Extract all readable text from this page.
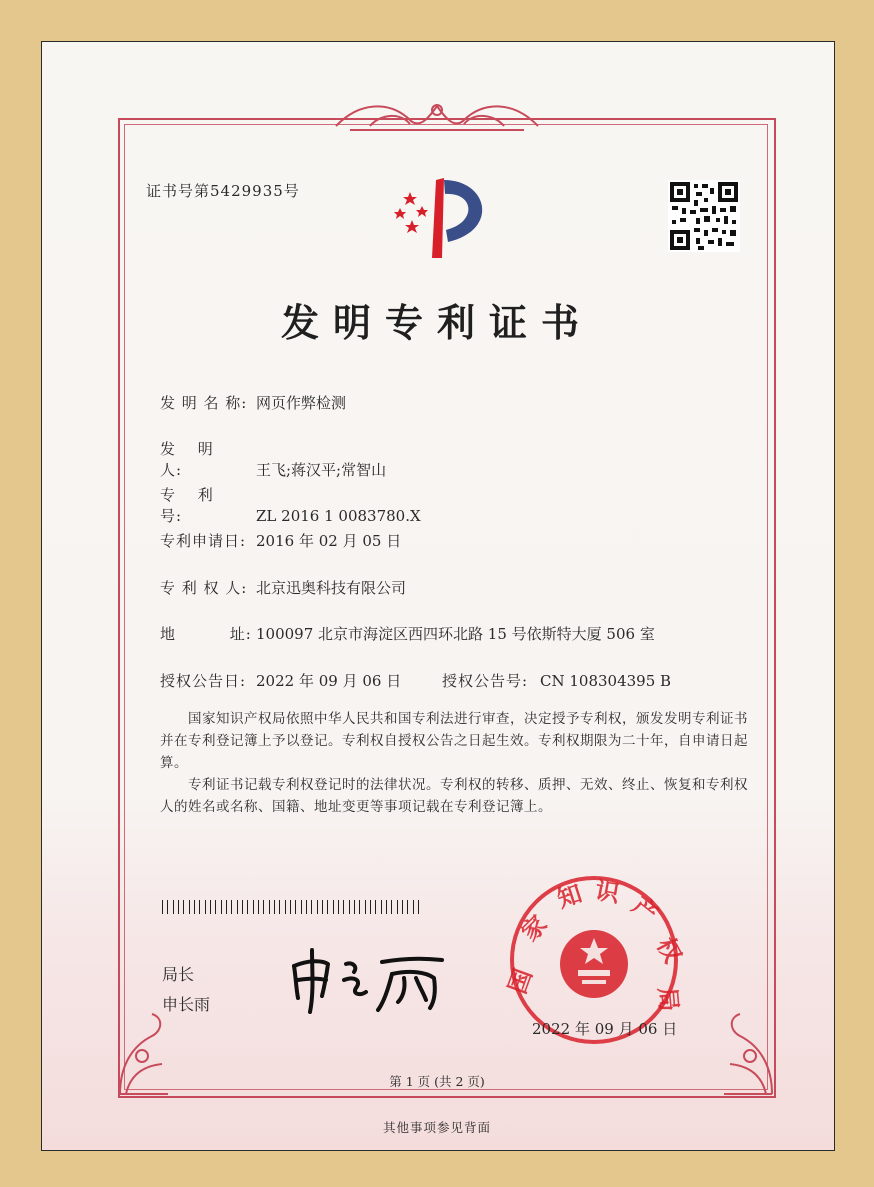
证书号第5429935号
发明专利证书
发 明 名 称: 网页作弊检测
发　 明　 人:	王飞;蒋汉平;常智山
专　 利　 号:	ZL 2016 1 0083780.X
专利申请日: 2016 年 02 月 05 日
专 利 权 人: 北京迅奥科技有限公司
地　　　 址: 100097 北京市海淀区西四环北路 15 号依斯特大厦 506 室
授权公告日: 2022 年 09 月 06 日	授权公告号: CN 108304395 B
国家知识产权局依照中华人民共和国专利法进行审查，决定授予专利权，颁发发明专利证书并在专利登记簿上予以登记。专利权自授权公告之日起生效。专利权期限为二十年，自申请日起算。
专利证书记载专利权登记时的法律状况。专利权的转移、质押、无效、终止、恢复和专利权人的姓名或名称、国籍、地址变更等事项记载在专利登记簿上。
局长
申长雨
国
家
知 识 产
权
局
2022 年 09 月 06 日
第 1 页 (共 2 页)
其他事项参见背面
